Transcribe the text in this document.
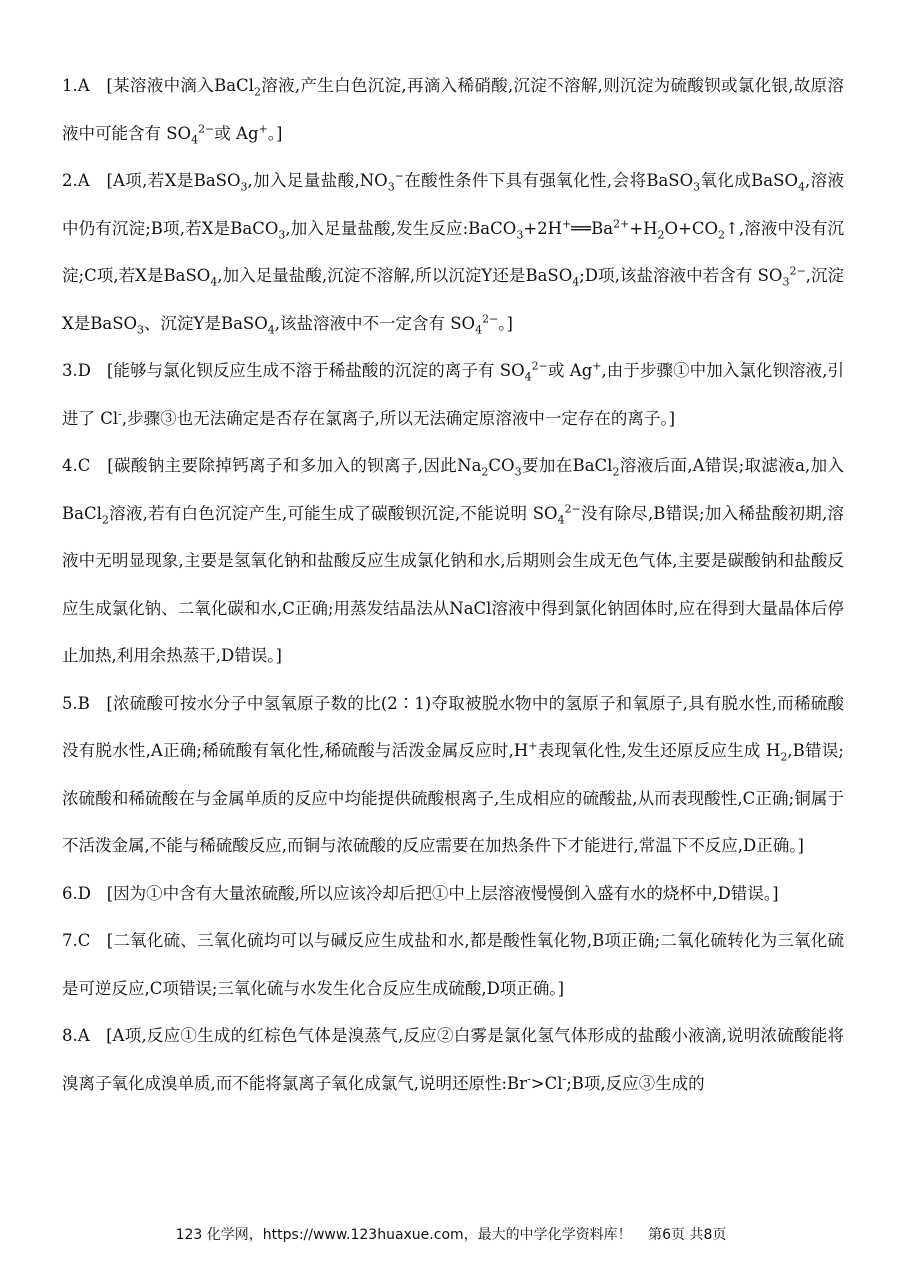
1.A   [某溶液中滴入BaCl$_2$溶液,产生白色沉淀,再滴入稀硝酸,沉淀不溶解,则沉淀为硫酸钡或氯化银,故原溶液中可能含有 $SO_4^{2-}$或 Ag+。]

2.A   [A项,若X是BaSO$_3$,加入足量盐酸$,NO_3^-$在酸性条件下具有强氧化性,会将BaSO$_3$氧化成BaSO$_4$,溶液中仍有沉淀;B项,若X是BaCO$_3$,加入足量盐酸,发生反应$:BaCO_3+2H^+══Ba^{2+}+H_2O+CO_2↑$,溶液中没有沉淀;C项,若X是BaSO$_4$,加入足量盐酸,沉淀不溶解,所以沉淀Y还是BaSO$_4$;D项,该盐溶液中若含有 $SO_3^{2-}$,沉淀X是BaSO$_3$、沉淀Y是BaSO$_4$,该盐溶液中不一定含有 $SO_4^{2-}$。]

3.D   [能够与氯化钡反应生成不溶于稀盐酸的沉淀的离子有 $SO_4^{2-}$或 Ag+,由于步骤①中加入氯化钡溶液,引进了 Cl-,步骤③也无法确定是否存在氯离子,所以无法确定原溶液中一定存在的离子。]

4.C   [碳酸钠主要除掉钙离子和多加入的钡离子,因此$Na_2CO_3$要加在BaCl$_2$溶液后面,A错误;取滤液a,加入BaCl$_2$溶液,若有白色沉淀产生,可能生成了碳酸钡沉淀,不能说明 $SO_4^{2-}$没有除尽,B错误;加入稀盐酸初期,溶液中无明显现象,主要是氢氧化钠和盐酸反应生成氯化钠和水,后期则会生成无色气体,主要是碳酸钠和盐酸反应生成氯化钠、二氧化碳和水,C正确;用蒸发结晶法从NaCl溶液中得到氯化钠固体时,应在得到大量晶体后停止加热,利用余热蒸干,D错误。]

5.B   [浓硫酸可按水分子中氢氧原子数的比(2∶1)夺取被脱水物中的氢原子和氧原子,具有脱水性,而稀硫酸没有脱水性,A正确;稀硫酸有氧化性,稀硫酸与活泼金属反应时,H+表现氧化性,发生还原反应生成 $H_2,B$错误;浓硫酸和稀硫酸在与金属单质的反应中均能提供硫酸根离子,生成相应的硫酸盐,从而表现酸性,C正确;铜属于不活泼金属,不能与稀硫酸反应,而铜与浓硫酸的反应需要在加热条件下才能进行,常温下不反应,D正确。]

6.D   [因为①中含有大量浓硫酸,所以应该冷却后把①中上层溶液慢慢倒入盛有水的烧杯中,D错误。]

7.C   [二氧化硫、三氧化硫均可以与碱反应生成盐和水,都是酸性氧化物,B项正确;二氧化硫转化为三氧化硫是可逆反应,C项错误;三氧化硫与水发生化合反应生成硫酸,D项正确。]

8.A   [A项,反应①生成的红棕色气体是溴蒸气,反应②白雾是氯化氢气体形成的盐酸小液滴,说明浓硫酸能将溴离子氧化成溴单质,而不能将氯离子氧化成氯气,说明还原性:Br->Cl-;B项,反应③生成的

123 化学网，https://www.123huaxue.com，最大的中学化学资料库！ 第6页 共8页
